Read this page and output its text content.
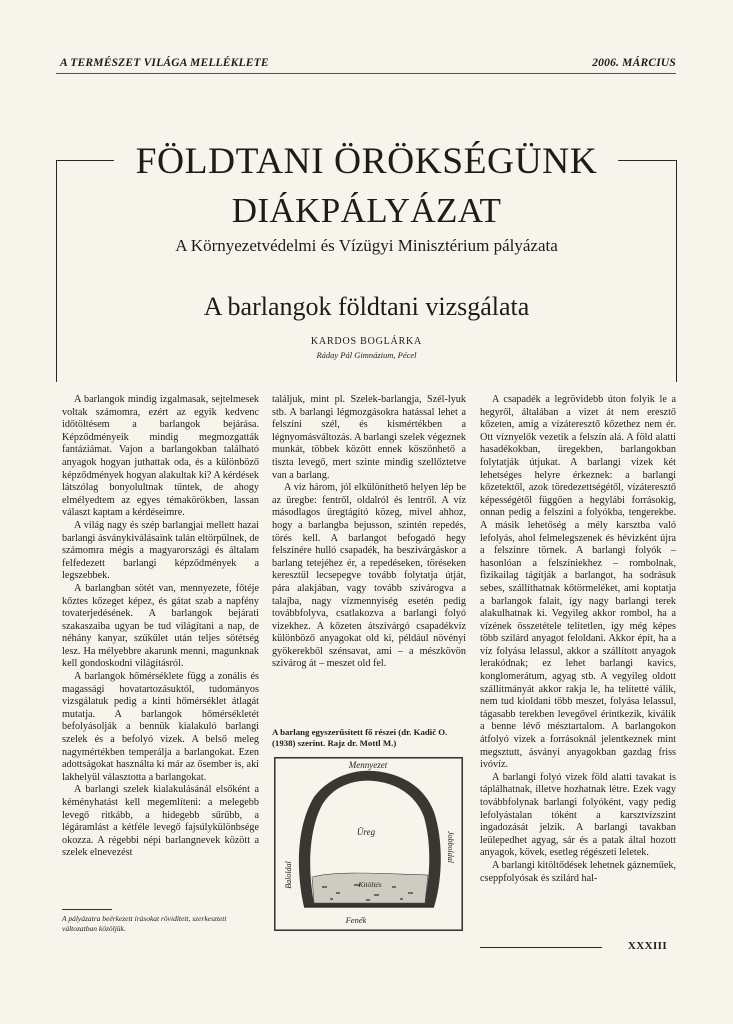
A TERMÉSZET VILÁGA MELLÉKLETE	2006. MÁRCIUS
FÖLDTANI ÖRÖKSÉGÜNK
DIÁKPÁLYÁZAT
A Környezetvédelmi és Vízügyi Minisztérium pályázata
A barlangok földtani vizsgálata
KARDOS BOGLÁRKA
Ráday Pál Gimnázium, Pécel

A barlangok mindig izgalmasak, sejtelmesek voltak számomra, ezért az egyik kedvenc időtöltésem a barlangok bejárása. Képződményeik mindig megmozgatták fantáziámat. Vajon a barlangokban található anyagok hogyan juthattak oda, és a különböző képződmények hogyan alakultak ki? A kérdések látszólag bonyolultnak tűntek, de ahogy elmélyedtem az egyes témakörökben, lassan választ kaptam a kérdéseimre.

A világ nagy és szép barlangjai mellett hazai barlangi ásványkiválásaink talán eltörpülnek, de számomra mégis a magyarországi és általam felfedezett barlangi képződmények a legszebbek.

A barlangban sötét van, mennyezete, főtéje kőztes kőzeget képez, és gátat szab a napfény tovaterjedésének. A barlangok bejárati szakaszaiba ugyan be tud világítani a nap, de néhány kanyar, szűkület után teljes sötétség lesz. Ha mélyebbre akarunk menni, magunknak kell gondoskodni világításról.

A barlangok hőmérséklete függ a zonális és magassági hovatartozásuktól, tudományos vizsgálatuk pedig a kinti hőmérséklet átlagát mutatja. A barlangok hőmérsékletét befolyásolják a bennük kialakuló barlangi szelek és a befolyó vizek. A belső meleg nagymértékben temperálja a barlangokat. Ezen adottságokat használta ki már az ősember is, aki lakhelyül választotta a barlangokat.

A barlangi szelek kialakulásánál elsőként a kéményhatást kell megemlíteni: a melegebb levegő ritkább, a hidegebb sűrűbb, a légáramlást a kétféle levegő fajsúlykülönbsége okozza. A régebbi népi barlangnevek között a szelek elnevezést

A pályázatra beérkezett írásokat rövidített, szerkesztett változatban közöljük.

találjuk, mint pl. Szelek-barlangja, Szél-lyuk stb. A barlangi légmozgásokra hatással lehet a felszíni szél, és kismértékben a légnyomásváltozás. A barlangi szelek végeznek munkát, többek között ennek köszönhető a tiszta levegő, mert szinte mindig szellőztetve van a barlang.

A víz három, jól elkülöníthető helyen lép be az üregbe: fentről, oldalról és lentről. A víz másodlagos üregtágító közeg, mivel ahhoz, hogy a barlangba bejusson, szintén repedés, törés kell. A barlangot befogadó hegy felszínére hulló csapadék, ha beszivárgáskor a barlang tetejéhez ér, a repedéseken, töréseken keresztül lecsepegve tovább folytatja útját, pára alakjában, vagy tovább szivárogva a talajba, nagy vízmennyiség esetén pedig továbbfolyva, csatlakozva a barlangi folyó vizekhez. A kőzeten átszivárgó csapadékvíz különböző anyagokat old ki, például növényi gyökerekből szénsavat, ami – a mészkövön szivárog át – meszet old fel.

A barlang egyszerűsített fő részei (dr. Kadič O. (1938) szerint. Rajz dr. Mottl M.)
Mennyezet
Üreg
Baloldal
Jobboldal
Kitöltés
Fenék

A csapadék a legrövidebb úton folyik le a hegyről, általában a vizet át nem eresztő kőzeten, amíg a vízáteresztő kőzethez nem ér. Ott víznyelők vezetik a felszín alá. A föld alatti hasadékokban, üregekben, barlangokban folytatják útjukat. A barlangi vizek két lehetséges helyre érkeznek: a barlangi kőzetektől, azok töredezettségétől, vízáteresztő képességétől függően a hegylábi forrásokig, onnan pedig a felszíni a folyókba, tengerekbe. A másik lehetőség a mély karsztba való lefolyás, ahol felmelegszenek és hévizként újra a felszínre törnek. A barlangi folyók – hasonlóan a felszíniekhez – rombolnak, fizikailag tágítják a barlangot, ha sodrásuk sebes, szállíthatnak kőtörmeléket, ami koptatja a barlangok falait, így nagy barlangi terek alakulhatnak ki. Vegyileg akkor rombol, ha a vízének összetétele telítetlen, így még képes több szilárd anyagot feloldani. Akkor épít, ha a víz folyása lelassul, akkor a szállított anyagok lerakódnak; ez lehet barlangi kavics, konglomerátum, agyag stb. A vegyileg oldott szállítmányát akkor rakja le, ha telítetté válik, nem tud kioldani több meszet, folyása lelassul, tágasabb terekben levegővel érintkezik, kiválik a benne lévő mésztartalom. A barlangokon átfolyó vizek a forrásoknál jelentkeznek mint megsztutt, ásványi anyagokban gazdag friss ivóvíz.

A barlangi folyó vizek föld alatti tavakat is táplálhatnak, illetve hozhatnak létre. Ezek vagy továbbfolynak barlangi folyóként, vagy pedig lefolyástalan tóként a karsztvízszint ingadozását jelzik. A barlangi tavakban leülepedhet agyag, sár és a patak által hozott anyagok, kövek, esetleg régészeti leletek.

A barlangi kitöltődések lehetnek gázneműek, cseppfolyósak és szilárd hal-

XXXIII
